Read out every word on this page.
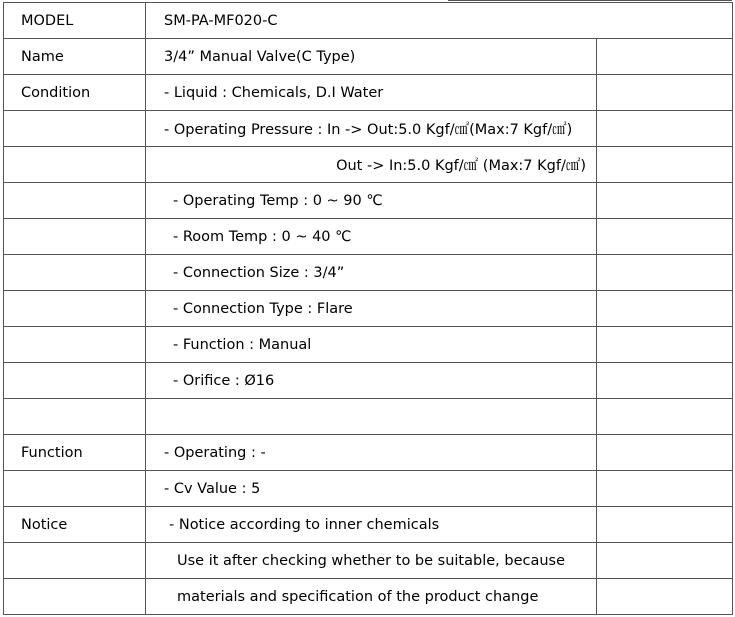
MODEL	SM-PA-MF020-C	
Name	3/4” Manual Valve(C Type)	
Condition	- Liquid : Chemicals, D.I Water	
	- Operating Pressure : In -> Out:5.0 Kgf/㎠(Max:7 Kgf/㎠)	
	Out -> In:5.0 Kgf/㎠ (Max:7 Kgf/㎠)	
	- Operating Temp : 0 ~ 90 ℃	
	- Room Temp : 0 ~ 40 ℃	
	- Connection Size : 3/4”	
	- Connection Type : Flare	
	- Function : Manual	
	- Orifice : Ø16	

Function	- Operating : -	
	- Cv Value : 5	
Notice	- Notice according to inner chemicals	
	Use it after checking whether to be suitable, because	
	materials and specification of the product change	
